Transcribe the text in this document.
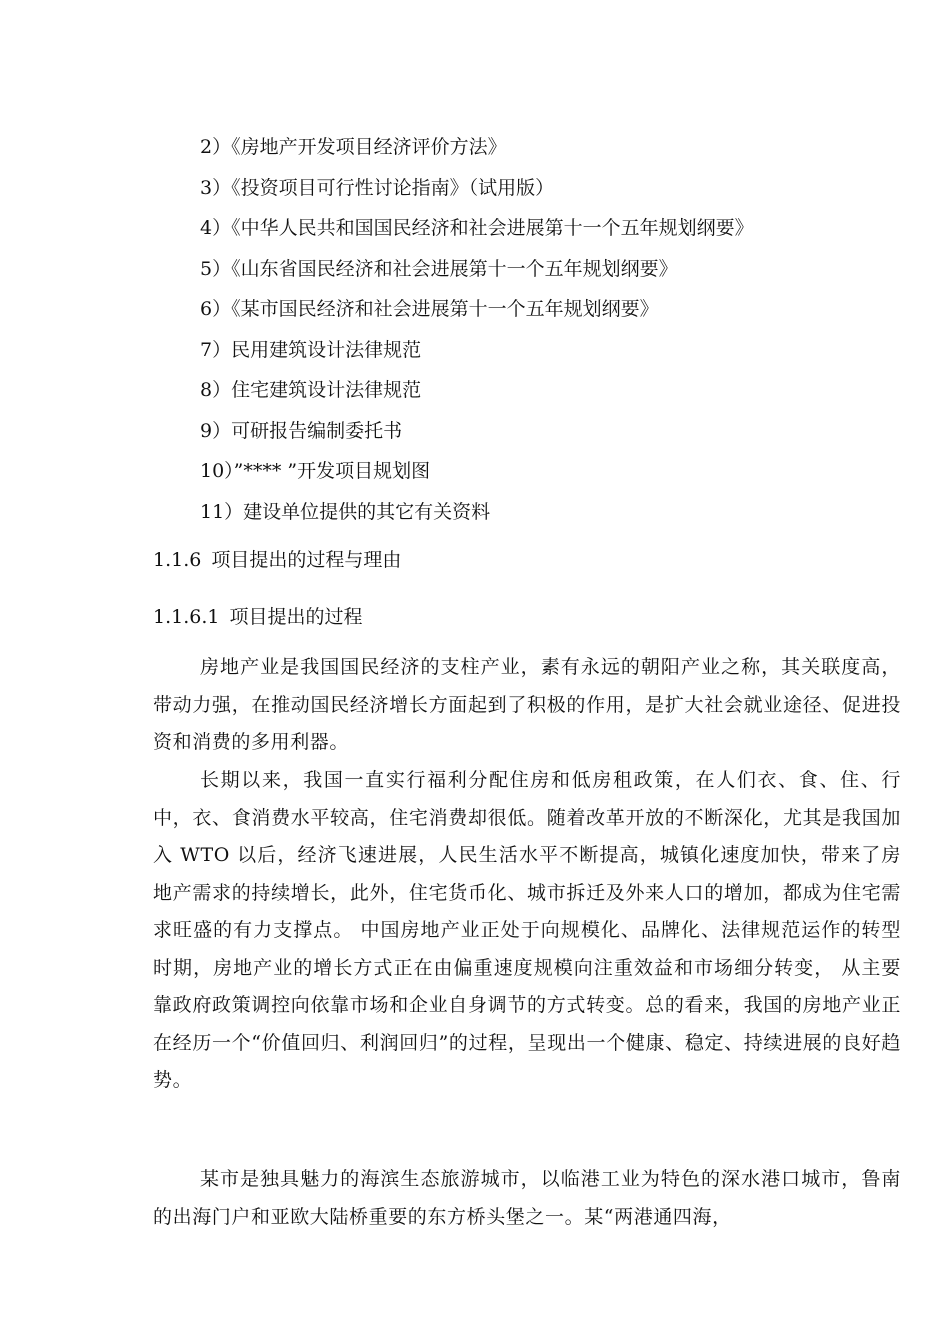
2）《房地产开发项目经济评价方法》
3）《投资项目可行性讨论指南》（试用版）
4）《中华人民共和国国民经济和社会进展第十一个五年规划纲要》
5）《山东省国民经济和社会进展第十一个五年规划纲要》
6）《某市国民经济和社会进展第十一个五年规划纲要》
7）民用建筑设计法律规范
8）住宅建筑设计法律规范
9）可研报告编制委托书
10）”**** ”开发项目规划图
11）建设单位提供的其它有关资料
1.1.6 项目提出的过程与理由
1.1.6.1 项目提出的过程

房地产业是我国国民经济的支柱产业，素有永远的朝阳产业之称，其关联度高，带动力强，在推动国民经济增长方面起到了积极的作用，是扩大社会就业途径、促进投资和消费的多用利器。

长期以来，我国一直实行福利分配住房和低房租政策，在人们衣、食、住、行中，衣、食消费水平较高，住宅消费却很低。随着改革开放的不断深化，尤其是我国加入 WTO 以后，经济飞速进展，人民生活水平不断提高，城镇化速度加快，带来了房地产需求的持续增长，此外，住宅货币化、城市拆迁及外来人口的增加，都成为住宅需求旺盛的有力支撑点。 中国房地产业正处于向规模化、品牌化、法律规范运作的转型时期，房地产业的增长方式正在由偏重速度规模向注重效益和市场细分转变， 从主要靠政府政策调控向依靠市场和企业自身调节的方式转变。总的看来，我国的房地产业正在经历一个“价值回归、利润回归”的过程，呈现出一个健康、稳定、持续进展的良好趋势。

某市是独具魅力的海滨生态旅游城市，以临港工业为特色的深水港口城市，鲁南的出海门户和亚欧大陆桥重要的东方桥头堡之一。某“两港通四海，
